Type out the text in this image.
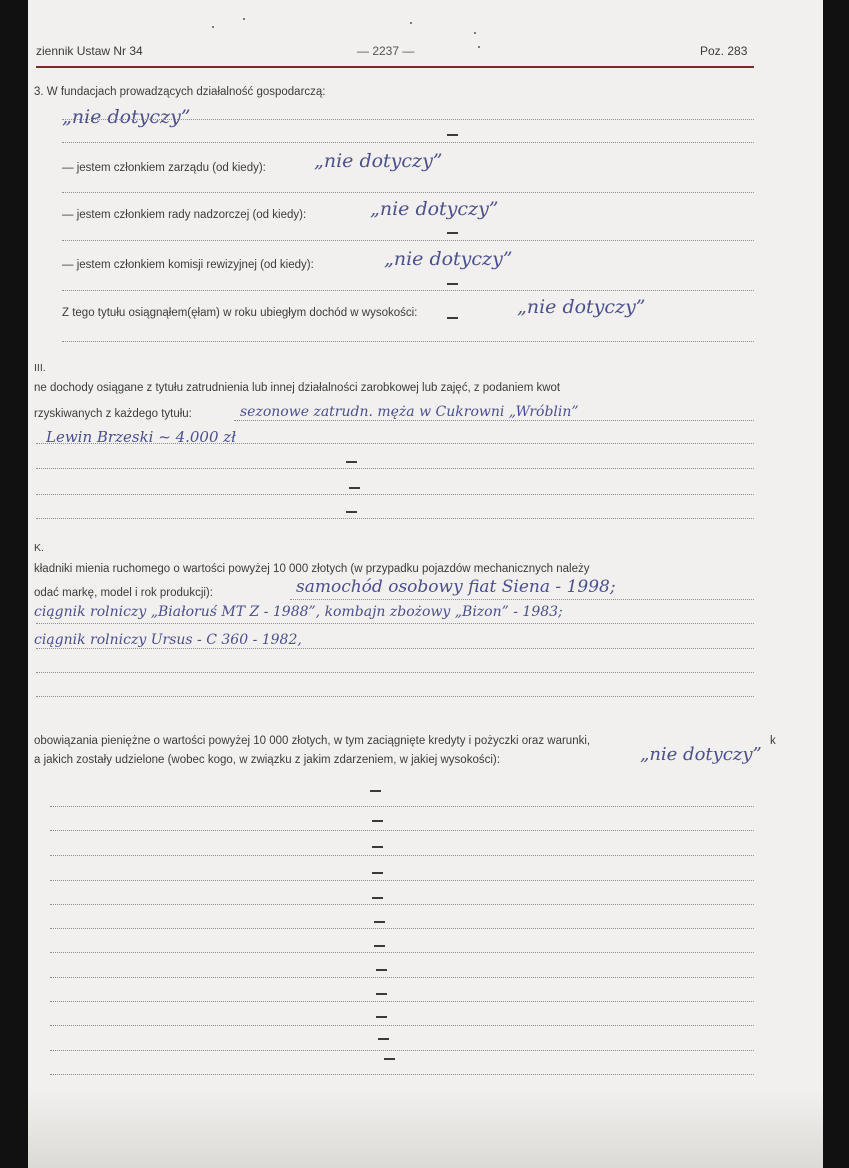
ziennik Ustaw Nr 34	— 2237 —	Poz. 283
3. W fundacjach prowadzących działalność gospodarczą:
„nie dotyczy”
— jestem członkiem zarządu (od kiedy):	„nie dotyczy”
— jestem członkiem rady nadzorczej (od kiedy):	„nie dotyczy”
— jestem członkiem komisji rewizyjnej (od kiedy):	„nie dotyczy”
Z tego tytułu osiągnąłem(ęłam) w roku ubiegłym dochód w wysokości:	„nie dotyczy”
III.
ne dochody osiągane z tytułu zatrudnienia lub innej działalności zarobkowej lub zajęć, z podaniem kwot
rzyskiwanych z każdego tytułu:	sezonowe zatrudn. męża w Cukrowni „Wróblin”
Lewin Brzeski ~ 4.000 zł
K.
kładniki mienia ruchomego o wartości powyżej 10 000 złotych (w przypadku pojazdów mechanicznych należy
odać markę, model i rok produkcji):	samochód osobowy fiat Siena - 1998;
ciągnik rolniczy „Białoruś MT Z - 1988”, kombajn zbożowy „Bizon” - 1983;
ciągnik rolniczy Ursus - C 360 - 1982,
obowiązania pieniężne o wartości powyżej 10 000 złotych, w tym zaciągnięte kredyty i pożyczki oraz warunki,	k
a jakich zostały udzielone (wobec kogo, w związku z jakim zdarzeniem, w jakiej wysokości):	„nie dotyczy”
